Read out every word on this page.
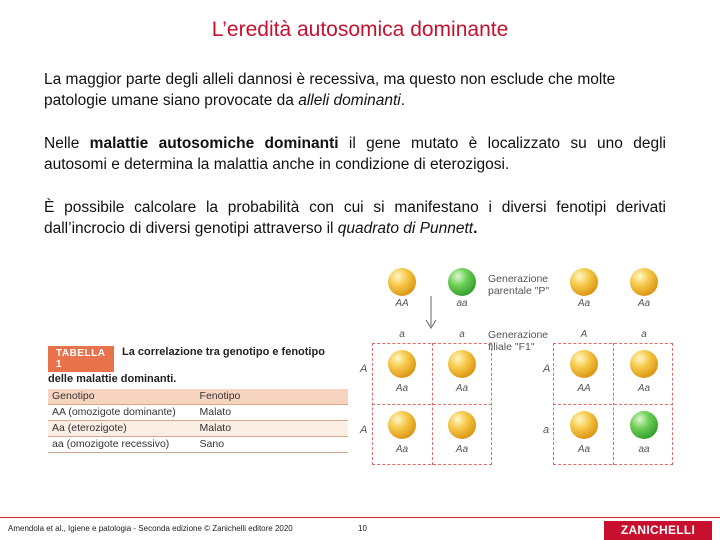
L’eredità autosomica dominante
La maggior parte degli alleli dannosi è recessiva, ma questo non esclude che molte patologie umane siano provocate da alleli dominanti.
Nelle malattie autosomiche dominanti il gene mutato è localizzato su uno degli autosomi e determina la malattia anche in condizione di eterozigosi.
È possibile calcolare la probabilità con cui si manifestano i diversi fenotipi derivati dall’incrocio di diversi genotipi attraverso il quadrato di Punnett.
TABELLA 1
La correlazione tra genotipo e fenotipo
delle malattie dominanti.
Genotipo	Fenotipo
AA (omozigote dominante)	Malato
Aa (eterozigote)	Malato
aa (omozigote recessivo)	Sano
AA	aa	Aa	Aa
Generazione parentale "P"
Generazione filiale "F1"
a	a	A	a
A
A
A
a
Aa	Aa
Aa	Aa
AA	Aa
Aa	aa
Amendola et al., Igiene e patologia - Seconda edizione © Zanichelli editore 2020	10	ZANICHELLI
